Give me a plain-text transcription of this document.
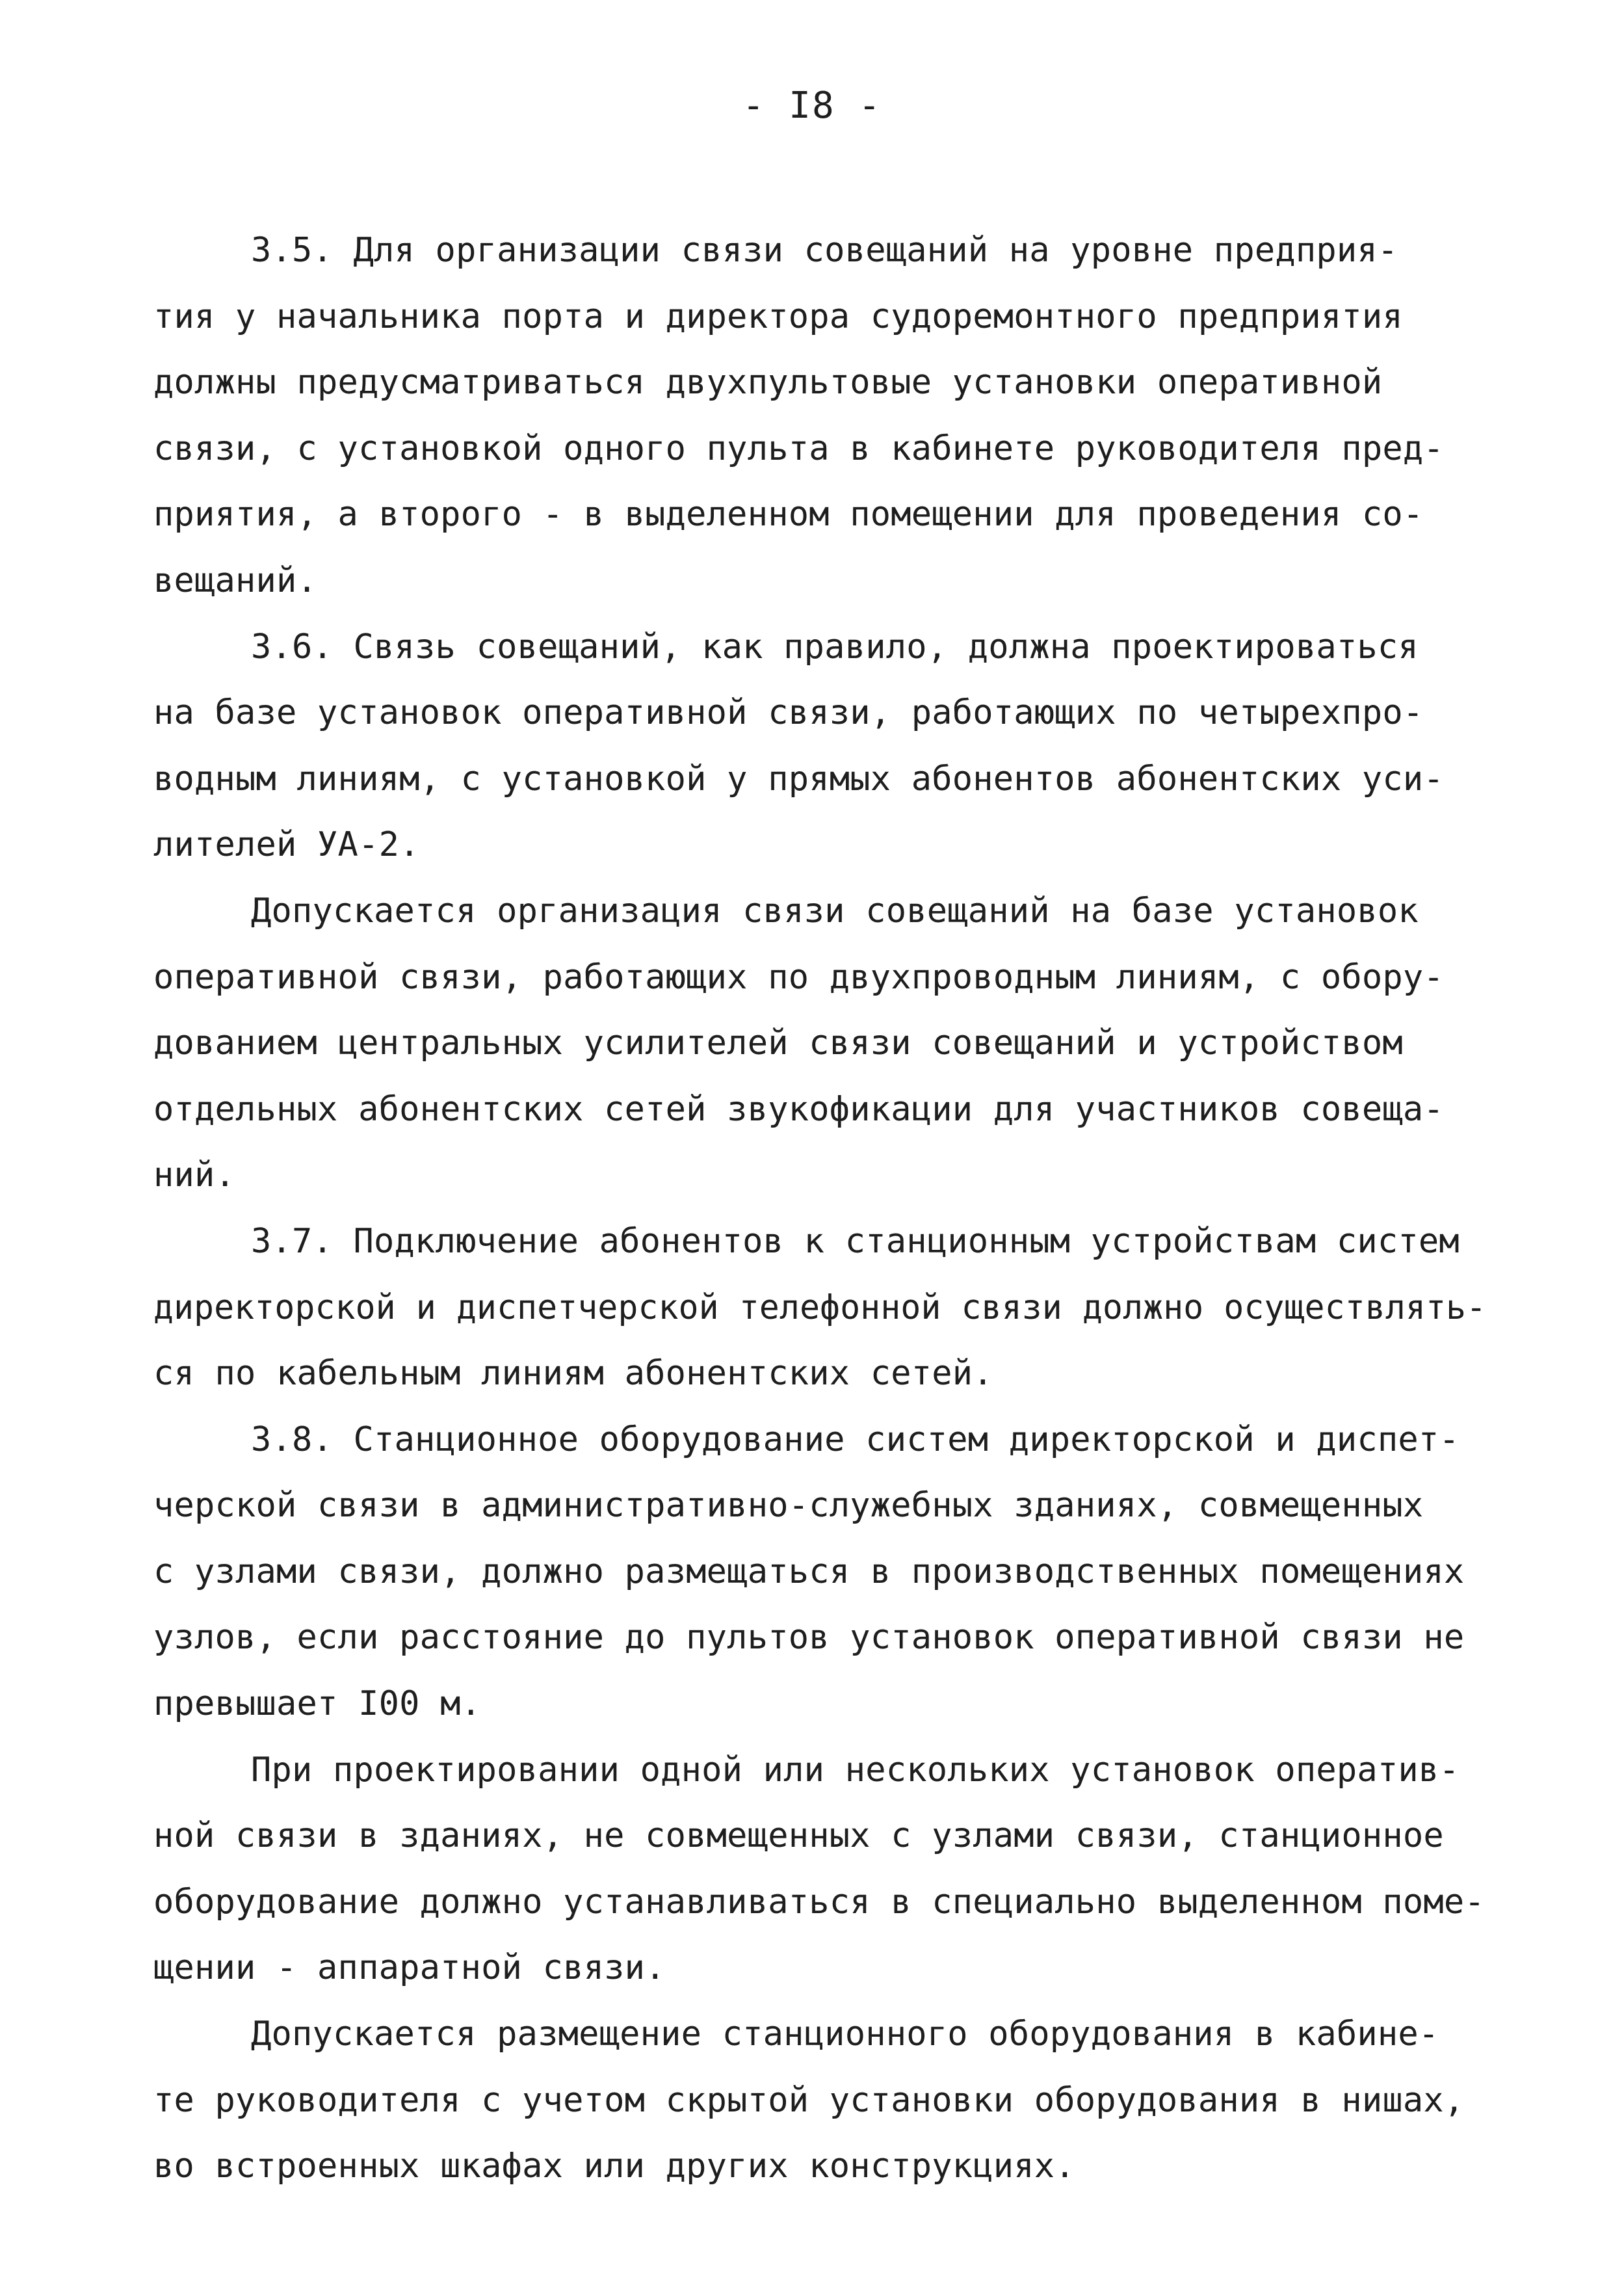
- I8 -
3.5. Для организации связи совещаний на уровне предприя-
тия у начальника порта и директора судоремонтного предприятия
должны предусматриваться двухпультовые установки оперативной
связи, с установкой одного пульта в кабинете руководителя пред-
приятия, а второго - в выделенном помещении для проведения со-
вещаний.
3.6. Связь совещаний, как правило, должна проектироваться
на базе установок оперативной связи, работающих по четырехпро-
водным линиям, с установкой у прямых абонентов абонентских уси-
лителей УА-2.
Допускается организация связи совещаний на базе установок
оперативной связи, работающих по двухпроводным линиям, с обору-
дованием центральных усилителей связи совещаний и устройством
отдельных абонентских сетей звукофикации для участников совеща-
ний.
3.7. Подключение абонентов к станционным устройствам систем
директорской и диспетчерской телефонной связи должно осуществлять-
ся по кабельным линиям абонентских сетей.
3.8. Станционное оборудование систем директорской и диспет-
черской связи в административно-служебных зданиях, совмещенных
с узлами связи, должно размещаться в производственных помещениях
узлов, если расстояние до пультов установок оперативной связи не
превышает I00 м.
При проектировании одной или нескольких установок оператив-
ной связи в зданиях, не совмещенных с узлами связи, станционное
оборудование должно устанавливаться в специально выделенном поме-
щении - аппаратной связи.
Допускается размещение станционного оборудования в кабине-
те руководителя с учетом скрытой установки оборудования в нишах,
во встроенных шкафах или других конструкциях.
